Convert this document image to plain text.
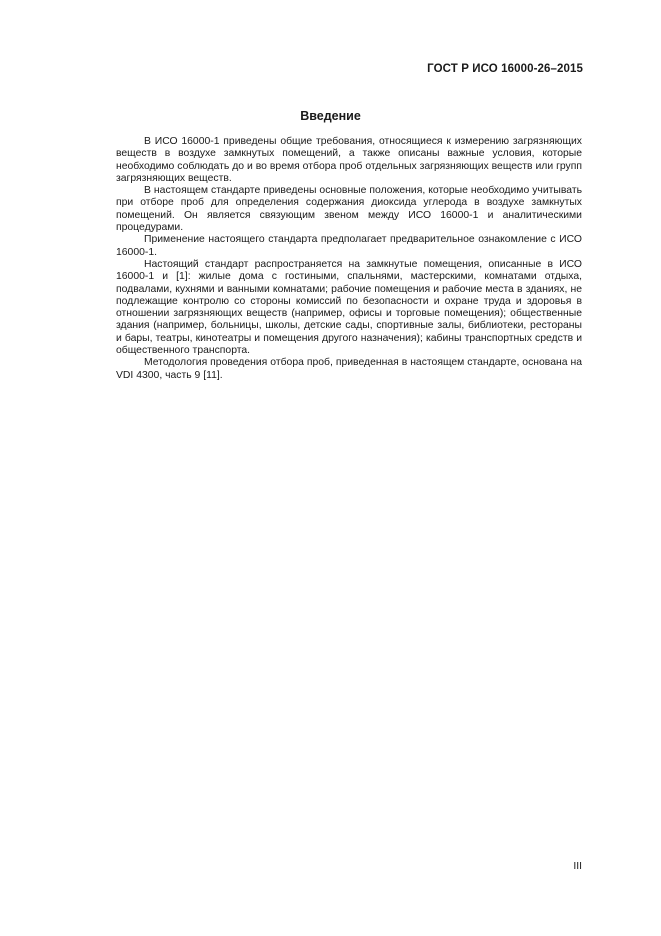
ГОСТ Р ИСО 16000-26–2015
Введение

В ИСО 16000-1 приведены общие требования, относящиеся к измерению загрязняющих веществ в воздухе замкнутых помещений, а также описаны важные условия, которые необходимо соблюдать до и во время отбора проб отдельных загрязняющих веществ или групп загрязняющих веществ.

В настоящем стандарте приведены основные положения, которые необходимо учитывать при отборе проб для определения содержания диоксида углерода в воздухе замкнутых помещений. Он является связующим звеном между ИСО 16000-1 и аналитическими процедурами.

Применение настоящего стандарта предполагает предварительное ознакомление с ИСО 16000-1.

Настоящий стандарт распространяется на замкнутые помещения, описанные в ИСО 16000-1 и [1]: жилые дома с гостиными, спальнями, мастерскими, комнатами отдыха, подвалами, кухнями и ванными комнатами; рабочие помещения и рабочие места в зданиях, не подлежащие контролю со стороны комиссий по безопасности и охране труда и здоровья в отношении загрязняющих веществ (например, офисы и торговые помещения); общественные здания (например, больницы, школы, детские сады, спортивные залы, библиотеки, рестораны и бары, театры, кинотеатры и помещения другого назначения); кабины транспортных средств и общественного транспорта.

Методология проведения отбора проб, приведенная в настоящем стандарте, основана на VDI 4300, часть 9 [11].

III
